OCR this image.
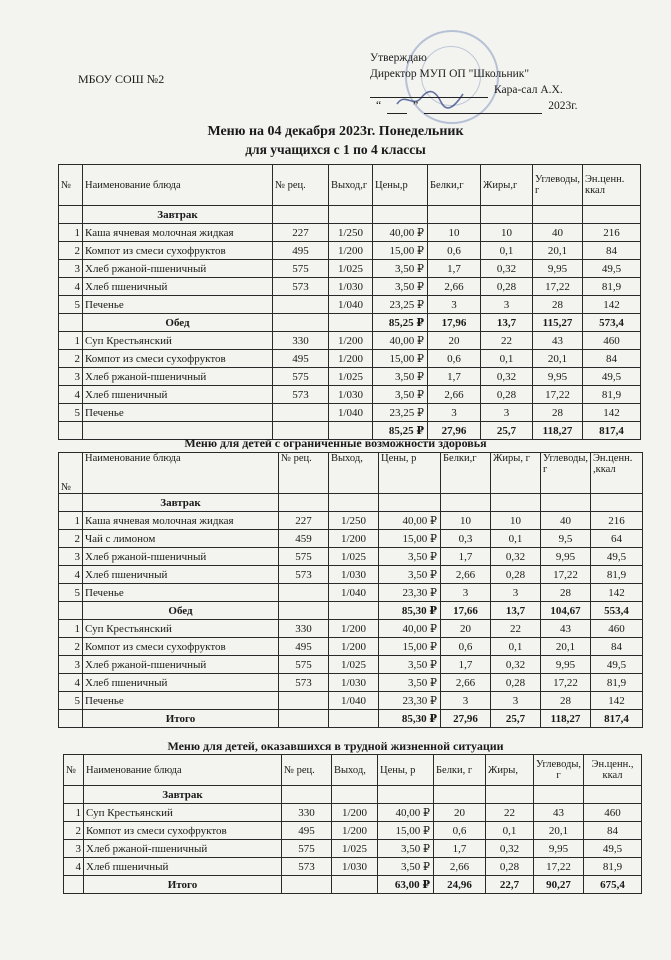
МБОУ СОШ №2
Утверждаю
Директор МУП ОП "Школьник"
Кара-сал А.Х.
“	”	2023г.
Меню на 04 декабря 2023г. Понедельник
для учащихся с 1 по 4 классы
№	Наименование блюда	№ рец.	Выход,г	Цены,р	Белки,г	Жиры,г	Углеводы, г	Эн.ценн. ккал
	Завтрак							
1	Каша ячневая молочная жидкая	227	1/250	40,00 ₽	10	10	40	216
2	Компот из смеси сухофруктов	495	1/200	15,00 ₽	0,6	0,1	20,1	84
3	Хлеб ржаной-пшеничный	575	1/025	3,50 ₽	1,7	0,32	9,95	49,5
4	Хлеб пшеничный	573	1/030	3,50 ₽	2,66	0,28	17,22	81,9
5	Печенье		1/040	23,25 ₽	3	3	28	142
	Обед			85,25 ₽	17,96	13,7	115,27	573,4
1	Суп Крестьянский	330	1/200	40,00 ₽	20	22	43	460
2	Компот из смеси сухофруктов	495	1/200	15,00 ₽	0,6	0,1	20,1	84
3	Хлеб ржаной-пшеничный	575	1/025	3,50 ₽	1,7	0,32	9,95	49,5
4	Хлеб пшеничный	573	1/030	3,50 ₽	2,66	0,28	17,22	81,9
5	Печенье		1/040	23,25 ₽	3	3	28	142
				85,25 ₽	27,96	25,7	118,27	817,4
Меню для детей с ограниченные возможности здоровья
№	Наименование блюда	№ рец.	Выход,	Цены, р	Белки,г	Жиры, г	Углеводы, г	Эн.ценн. ,ккал
	Завтрак							
1	Каша ячневая молочная жидкая	227	1/250	40,00 ₽	10	10	40	216
2	Чай с лимоном	459	1/200	15,00 ₽	0,3	0,1	9,5	64
3	Хлеб ржаной-пшеничный	575	1/025	3,50 ₽	1,7	0,32	9,95	49,5
4	Хлеб пшеничный	573	1/030	3,50 ₽	2,66	0,28	17,22	81,9
5	Печенье		1/040	23,30 ₽	3	3	28	142
	Обед			85,30 ₽	17,66	13,7	104,67	553,4
1	Суп Крестьянский	330	1/200	40,00 ₽	20	22	43	460
2	Компот из смеси сухофруктов	495	1/200	15,00 ₽	0,6	0,1	20,1	84
3	Хлеб ржаной-пшеничный	575	1/025	3,50 ₽	1,7	0,32	9,95	49,5
4	Хлеб пшеничный	573	1/030	3,50 ₽	2,66	0,28	17,22	81,9
5	Печенье		1/040	23,30 ₽	3	3	28	142
	Итого			85,30 ₽	27,96	25,7	118,27	817,4
Меню для детей, оказавшихся в трудной жизненной ситуации
№	Наименование блюда	№ рец.	Выход,	Цены, р	Белки, г	Жиры,	Углеводы, г	Эн.ценн., ккал
	Завтрак							
1	Суп Крестьянский	330	1/200	40,00 ₽	20	22	43	460
2	Компот из смеси сухофруктов	495	1/200	15,00 ₽	0,6	0,1	20,1	84
3	Хлеб ржаной-пшеничный	575	1/025	3,50 ₽	1,7	0,32	9,95	49,5
4	Хлеб пшеничный	573	1/030	3,50 ₽	2,66	0,28	17,22	81,9
	Итого			63,00 ₽	24,96	22,7	90,27	675,4
